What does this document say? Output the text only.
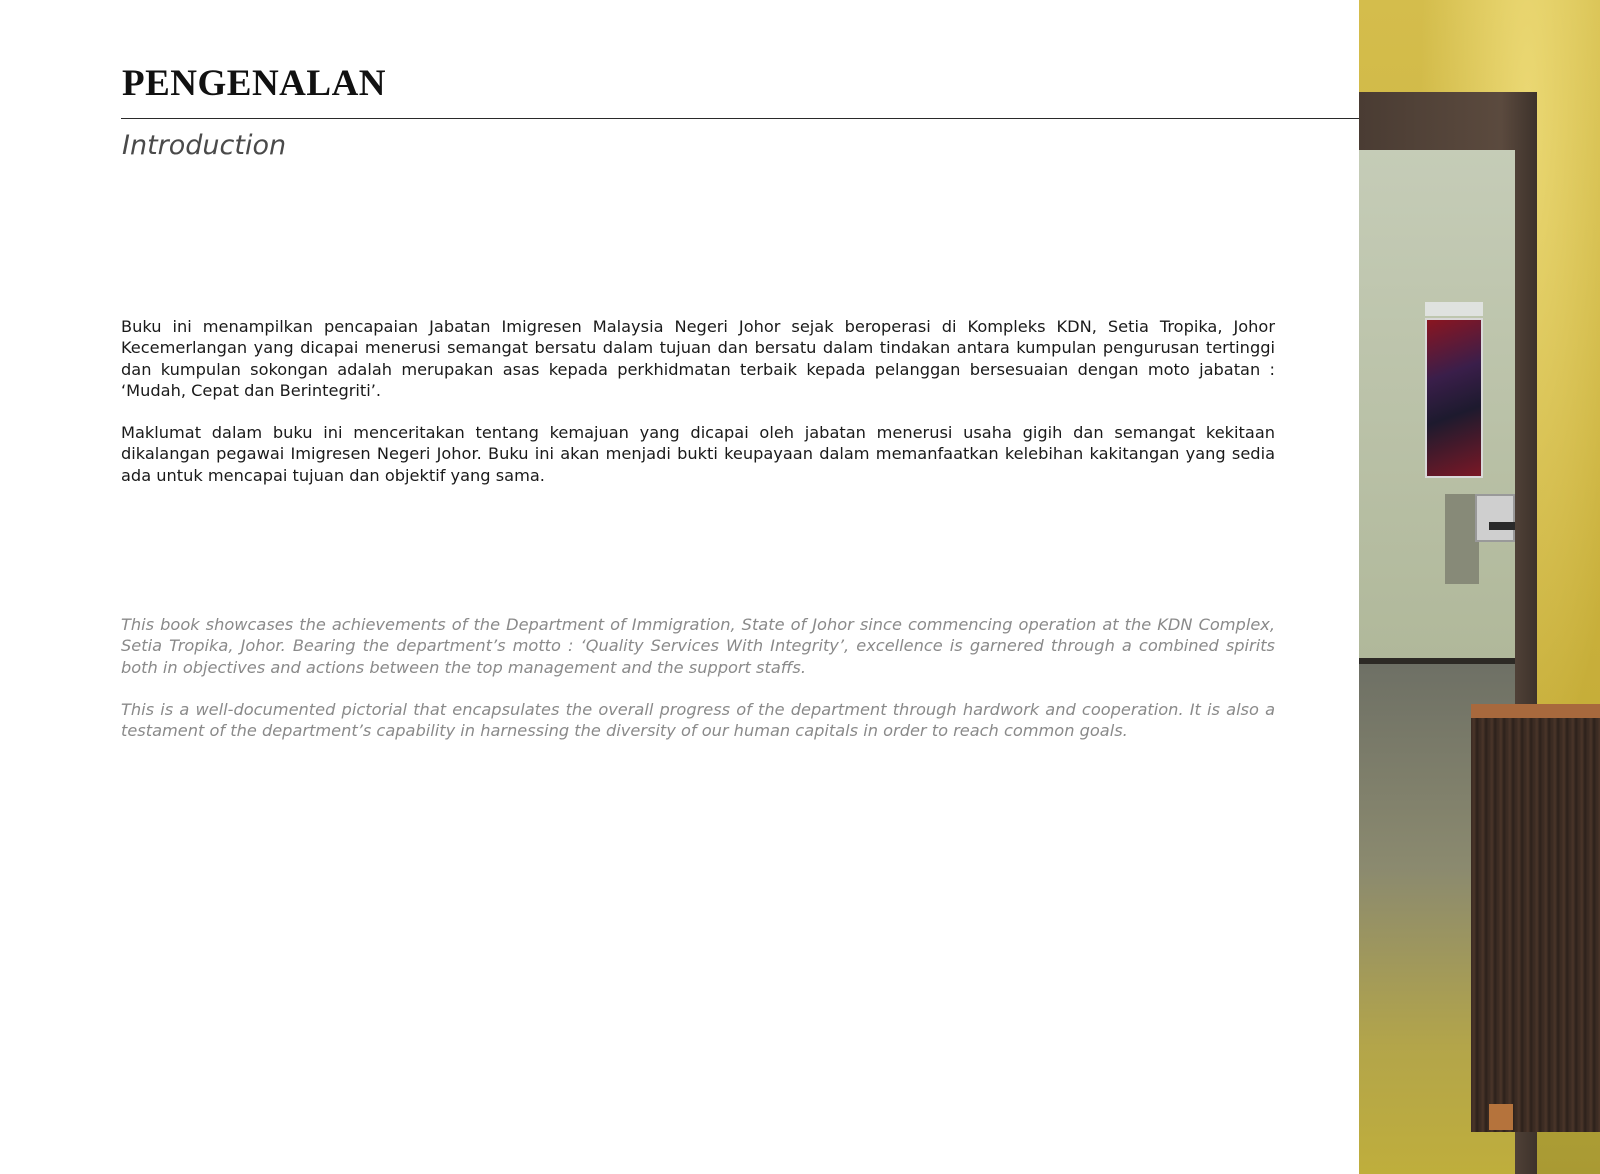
PENGENALAN
Introduction

Buku ini menampilkan pencapaian Jabatan Imigresen Malaysia Negeri Johor sejak beroperasi di Kompleks KDN, Setia Tropika, Johor Kecemerlangan yang dicapai menerusi semangat bersatu dalam tujuan dan bersatu dalam tindakan antara kumpulan pengurusan tertinggi dan kumpulan sokongan adalah merupakan asas kepada perkhidmatan terbaik kepada pelanggan bersesuaian dengan moto jabatan : ‘Mudah, Cepat dan Berintegriti’.

Maklumat dalam buku ini menceritakan tentang kemajuan yang dicapai oleh jabatan menerusi usaha gigih dan semangat kekitaan dikalangan pegawai Imigresen Negeri Johor. Buku ini akan menjadi bukti keupayaan dalam memanfaatkan kelebihan kakitangan yang sedia ada untuk mencapai tujuan dan objektif yang sama.

This book showcases the achievements of the Department of Immigration, State of Johor since commencing operation at the KDN Complex, Setia Tropika, Johor. Bearing the department’s motto : ‘Quality Services With Integrity’, excellence is garnered through a combined spirits both in objectives and actions between the top management and the support staffs.

This is a well-documented pictorial that encapsulates the overall progress of the department through hardwork and cooperation. It is also a testament of the department’s capability in harnessing the diversity of our human capitals in order to reach common goals.
